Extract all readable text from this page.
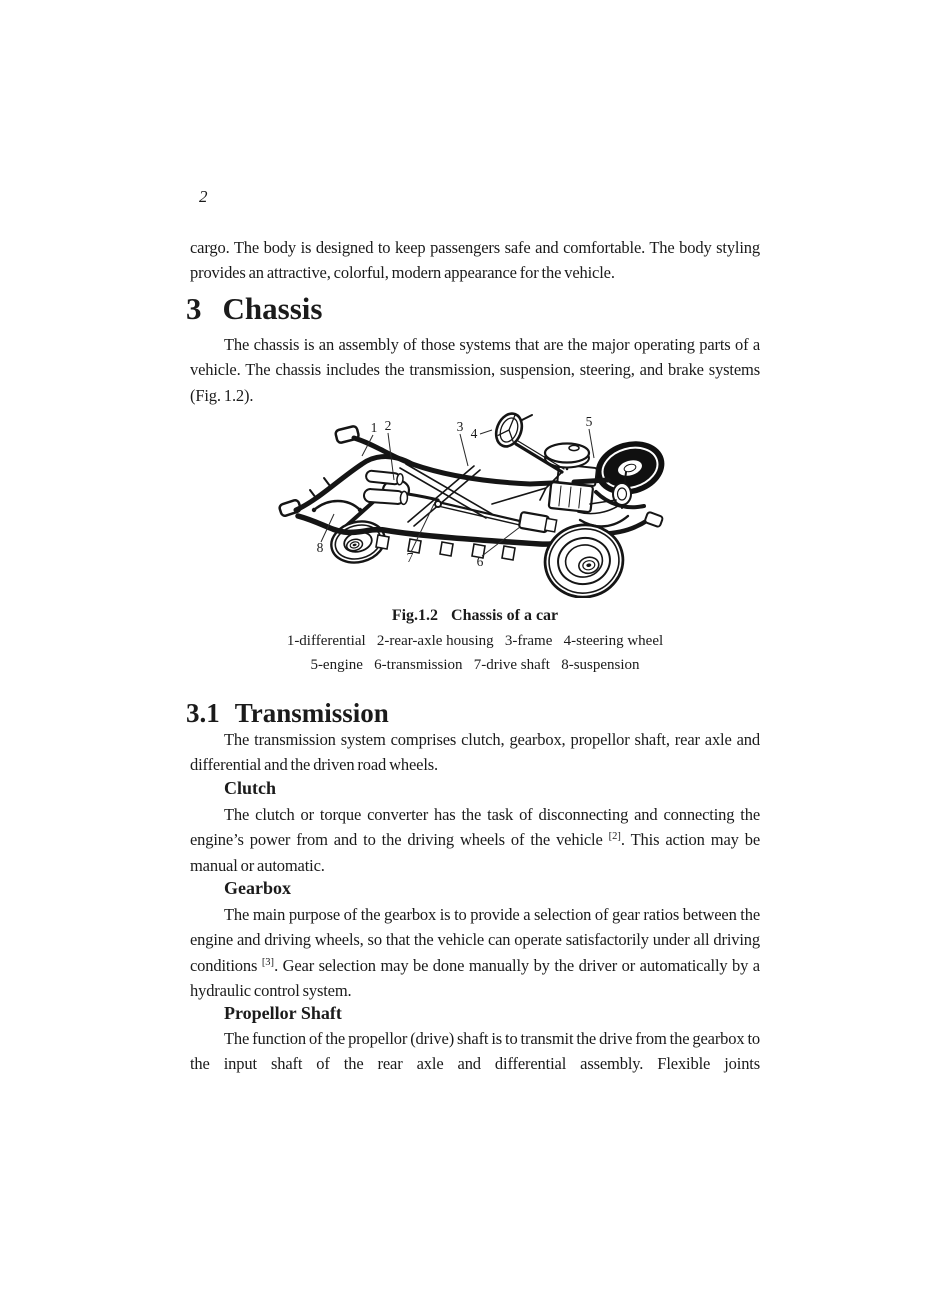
2
cargo. The body is designed to keep passengers safe and comfortable. The body styling provides an attractive, colorful, modern appearance for the vehicle.
3 Chassis
The chassis is an assembly of those systems that are the major operating parts of a vehicle. The chassis includes the transmission, suspension, steering, and brake systems (Fig. 1.2).
1 2	3 4
5
6
7
8
Fig.1.2 Chassis of a car
1-differential   2-rear-axle housing   3-frame   4-steering wheel
5-engine   6-transmission   7-drive shaft   8-suspension
3.1 Transmission
The transmission system comprises clutch, gearbox, propellor shaft, rear axle and differential and the driven road wheels.
Clutch
The clutch or torque converter has the task of disconnecting and connecting the engine’s power from and to the driving wheels of the vehicle [2]. This action may be manual or automatic.
Gearbox
The main purpose of the gearbox is to provide a selection of gear ratios between the engine and driving wheels, so that the vehicle can operate satisfactorily under all driving conditions [3]. Gear selection may be done manually by the driver or automatically by a hydraulic control system.
Propellor Shaft
The function of the propellor (drive) shaft is to transmit the drive from the gearbox to the input shaft of the rear axle and differential assembly. Flexible joints
